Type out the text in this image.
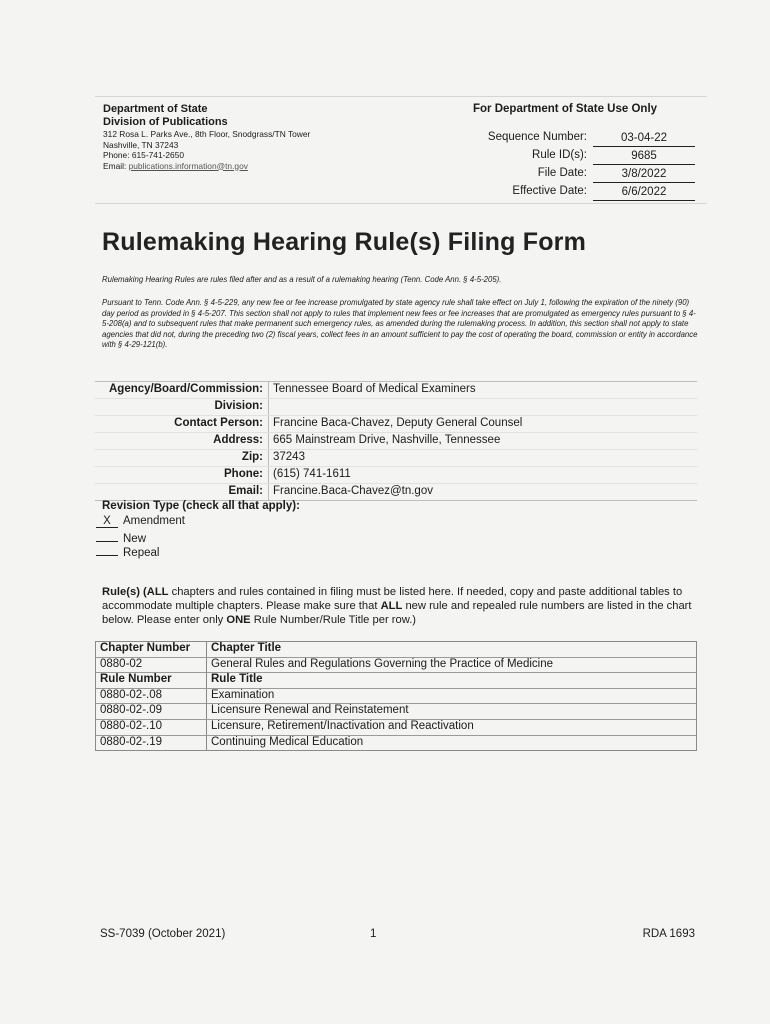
Department of State
Division of Publications
312 Rosa L. Parks Ave., 8th Floor, Snodgrass/TN Tower
Nashville, TN 37243
Phone: 615-741-2650
Email: publications.information@tn.gov
For Department of State Use Only
Sequence Number:	03-04-22
Rule ID(s):	9685
File Date:	3/8/2022
Effective Date:	6/6/2022
Rulemaking Hearing Rule(s) Filing Form
Rulemaking Hearing Rules are rules filed after and as a result of a rulemaking hearing (Tenn. Code Ann. § 4-5-205).
Pursuant to Tenn. Code Ann. § 4-5-229, any new fee or fee increase promulgated by state agency rule shall take effect on July 1, following the expiration of the ninety (90) day period as provided in § 4-5-207. This section shall not apply to rules that implement new fees or fee increases that are promulgated as emergency rules pursuant to § 4-5-208(a) and to subsequent rules that make permanent such emergency rules, as amended during the rulemaking process. In addition, this section shall not apply to state agencies that did not, during the preceding two (2) fiscal years, collect fees in an amount sufficient to pay the cost of operating the board, commission or entity in accordance with § 4-29-121(b).
Agency/Board/Commission: Tennessee Board of Medical Examiners
Division:
Contact Person: Francine Baca-Chavez, Deputy General Counsel
Address: 665 Mainstream Drive, Nashville, Tennessee
Zip: 37243
Phone: (615) 741-1611
Email: Francine.Baca-Chavez@tn.gov
Revision Type (check all that apply):
X Amendment
New
Repeal
Rule(s) (ALL chapters and rules contained in filing must be listed here. If needed, copy and paste additional tables to accommodate multiple chapters. Please make sure that ALL new rule and repealed rule numbers are listed in the chart below. Please enter only ONE Rule Number/Rule Title per row.)
Chapter Number	Chapter Title
0880-02	General Rules and Regulations Governing the Practice of Medicine
Rule Number	Rule Title
0880-02-.08	Examination
0880-02-.09	Licensure Renewal and Reinstatement
0880-02-.10	Licensure, Retirement/Inactivation and Reactivation
0880-02-.19	Continuing Medical Education
SS-7039 (October 2021)	1	RDA 1693
